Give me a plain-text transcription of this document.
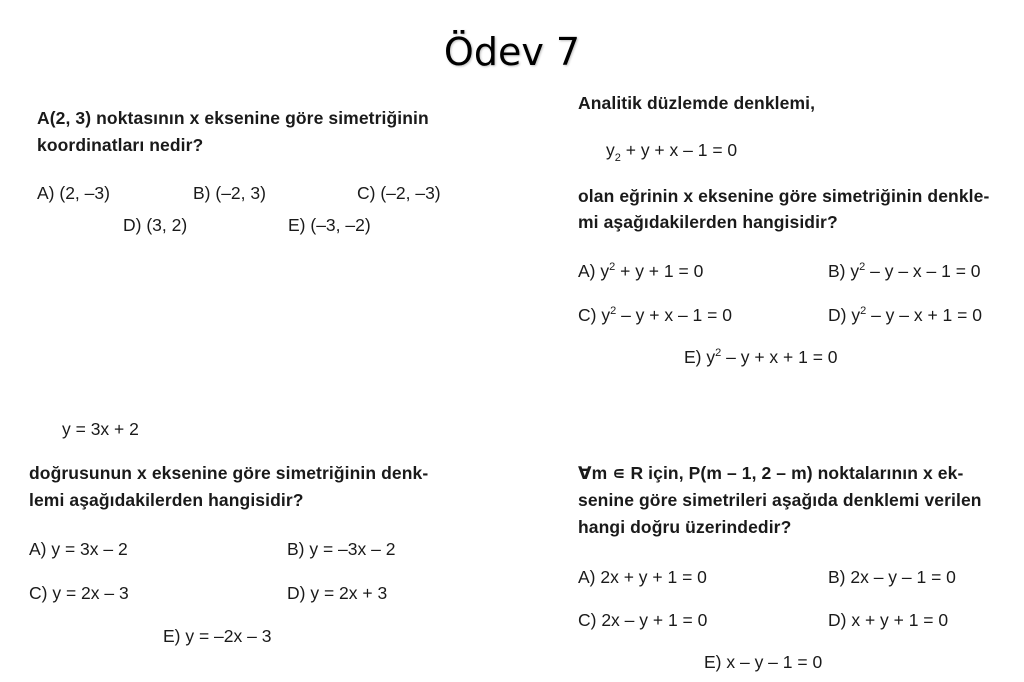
Ödev 7
A(2, 3) noktasının x eksenine göre simetriğinin
koordinatları nedir?
A) (2, –3)	B) (–2, 3)	C) (–2, –3)
D) (3, 2)	E) (–3, –2)
Analitik düzlemde denklemi,
$y_2 + y + x - 1 = 0$
olan eğrinin x eksenine göre simetriğinin denkle-
mi aşağıdakilerden hangisidir?
A) $y^2 + y + 1 = 0$	B) $y^2 - y - x - 1 = 0$
C) $y^2 - y + x - 1 = 0$	D) $y^2 - y - x + 1 = 0$
E) $y^2 - y + x + 1 = 0$
y = 3x + 2
doğrusunun x eksenine göre simetriğinin denk-
lemi aşağıdakilerden hangisidir?
A) y = 3x – 2	B) y = –3x – 2
C) y = 2x – 3	D) y = 2x + 3
E) y = –2x – 3
∀m ∊ R için, P(m – 1, 2 – m) noktalarının x ek-
senine göre simetrileri aşağıda denklemi verilen
hangi doğru üzerindedir?
A) 2x + y + 1 = 0	B) 2x – y – 1 = 0
C) 2x – y + 1 = 0	D) x + y + 1 = 0
E) x – y – 1 = 0
